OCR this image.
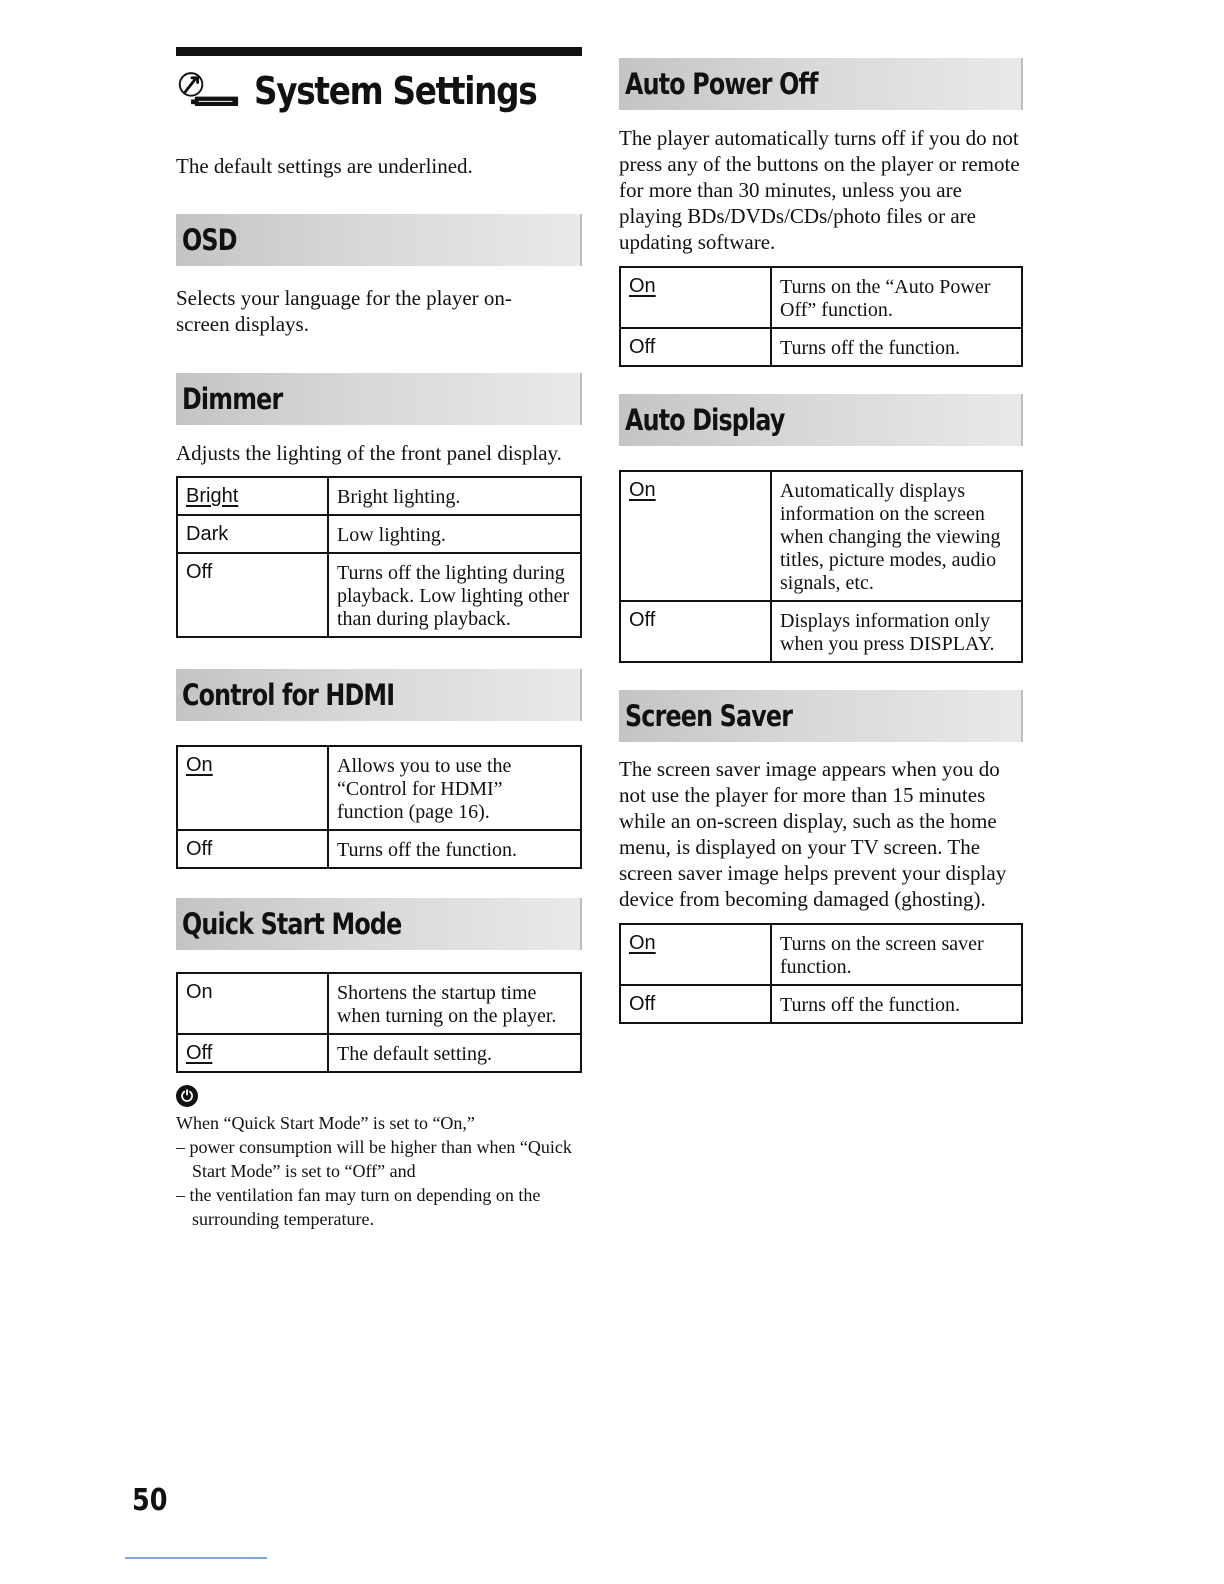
System Settings

The default settings are underlined.

OSD

Selects your language for the player on-screen displays.

Dimmer

Adjusts the lighting of the front panel display.

Bright	Bright lighting.
Dark	Low lighting.
Off	Turns off the lighting during playback. Low lighting other than during playback.
Control for HDMI
On	Allows you to use the “Control for HDMI” function (page 16).
Off	Turns off the function.
Quick Start Mode
On	Shortens the startup time when turning on the player.
Off	The default setting.
⏻

When “Quick Start Mode” is set to “On,”

– power consumption will be higher than when “Quick Start Mode” is set to “Off” and
– the ventilation fan may turn on depending on the surrounding temperature.
Auto Power Off

The player automatically turns off if you do not press any of the buttons on the player or remote for more than 30 minutes, unless you are playing BDs/DVDs/CDs/photo files or are updating software.

On	Turns on the “Auto Power Off” function.
Off	Turns off the function.
Auto Display
On	Automatically displays information on the screen when changing the viewing titles, picture modes, audio signals, etc.
Off	Displays information only when you press DISPLAY.
Screen Saver

The screen saver image appears when you do not use the player for more than 15 minutes while an on-screen display, such as the home menu, is displayed on your TV screen. The screen saver image helps prevent your display device from becoming damaged (ghosting).

On	Turns on the screen saver function.
Off	Turns off the function.
50
